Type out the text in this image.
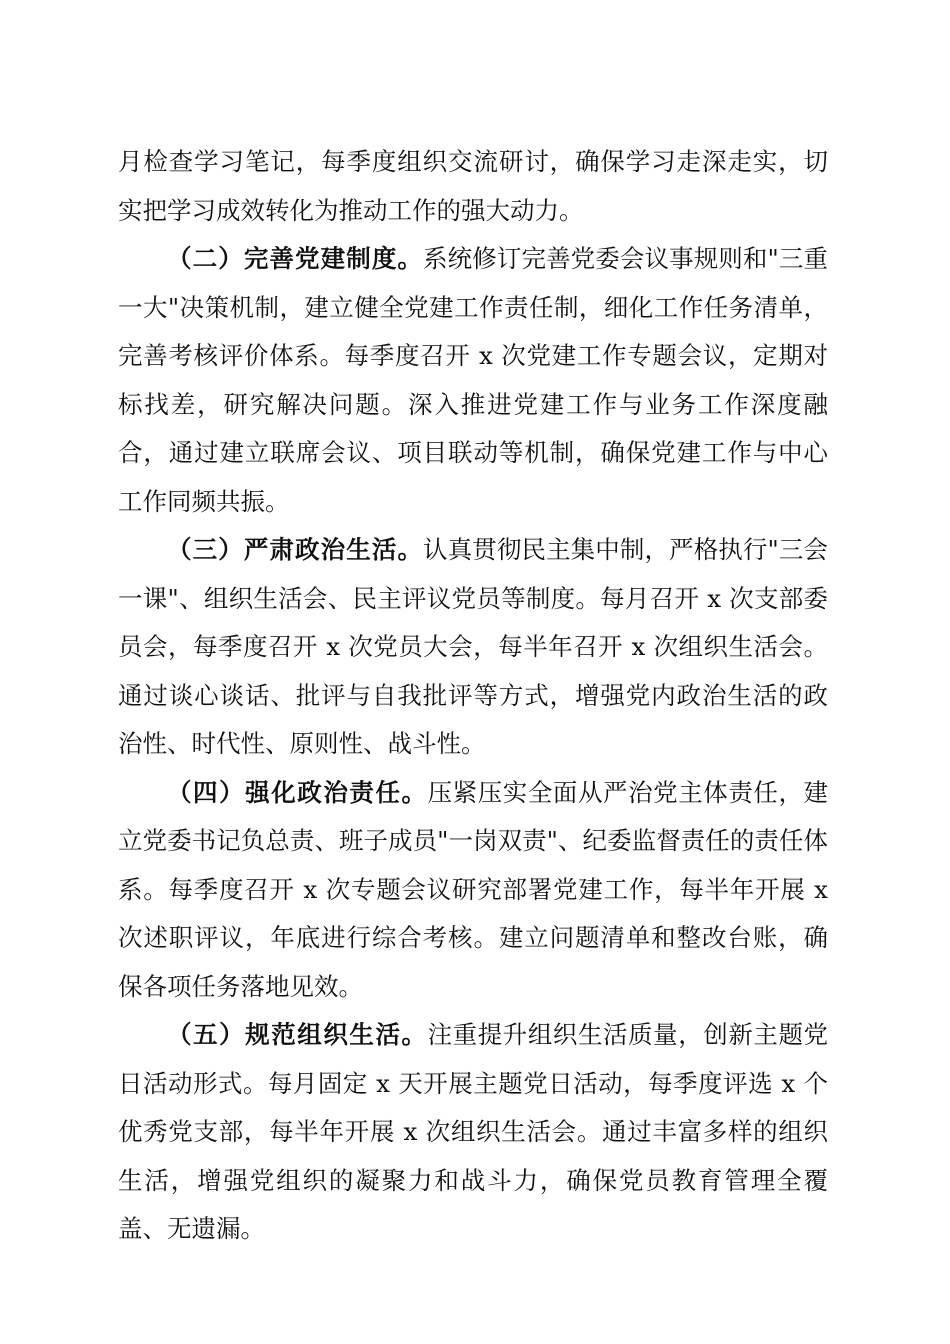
月检查学习笔记，每季度组织交流研讨，确保学习走深走实，切实把学习成效转化为推动工作的强大动力。

（二）完善党建制度。系统修订完善党委会议事规则和"三重一大"决策机制，建立健全党建工作责任制，细化工作任务清单，完善考核评价体系。每季度召开 x 次党建工作专题会议，定期对标找差，研究解决问题。深入推进党建工作与业务工作深度融合，通过建立联席会议、项目联动等机制，确保党建工作与中心工作同频共振。

（三）严肃政治生活。认真贯彻民主集中制，严格执行"三会一课"、组织生活会、民主评议党员等制度。每月召开 x 次支部委员会，每季度召开 x 次党员大会，每半年召开 x 次组织生活会。通过谈心谈话、批评与自我批评等方式，增强党内政治生活的政治性、时代性、原则性、战斗性。

（四）强化政治责任。压紧压实全面从严治党主体责任，建立党委书记负总责、班子成员"一岗双责"、纪委监督责任的责任体系。每季度召开 x 次专题会议研究部署党建工作，每半年开展 x 次述职评议，年底进行综合考核。建立问题清单和整改台账，确保各项任务落地见效。

（五）规范组织生活。注重提升组织生活质量，创新主题党日活动形式。每月固定 x 天开展主题党日活动，每季度评选 x 个优秀党支部，每半年开展 x 次组织生活会。通过丰富多样的组织生活，增强党组织的凝聚力和战斗力，确保党员教育管理全覆盖、无遗漏。
